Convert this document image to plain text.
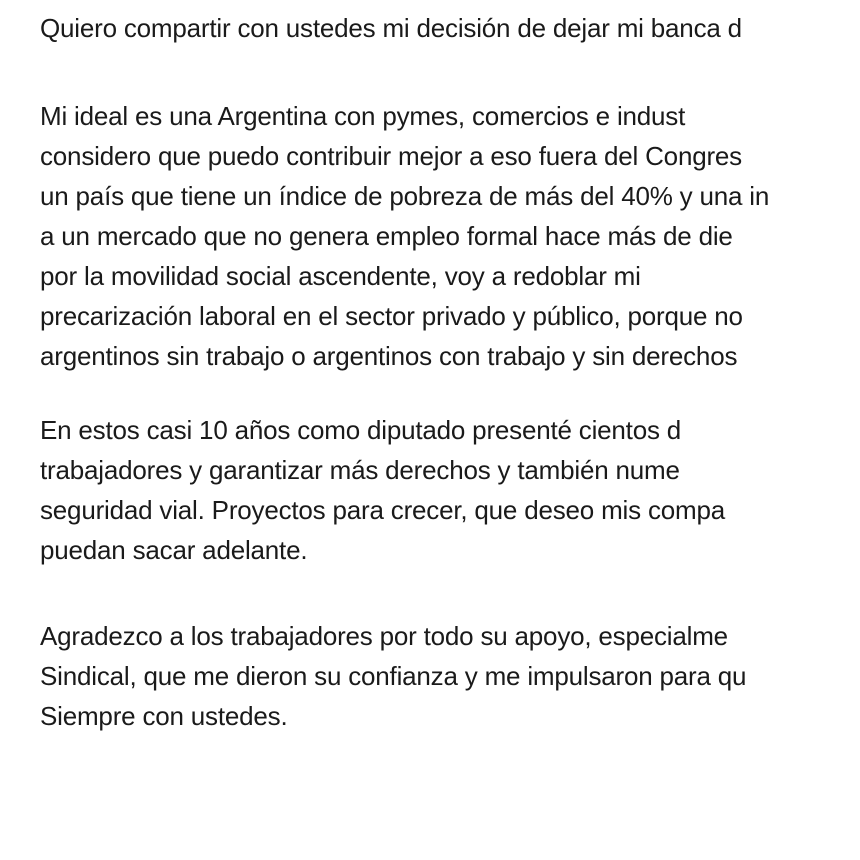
Quiero compartir con ustedes mi decisión de dejar mi banca d

Mi ideal es una Argentina con pymes, comercios e indust
considero que puedo contribuir mejor a eso fuera del Congres
un país que tiene un índice de pobreza de más del 40% y una in
a un mercado que no genera empleo formal hace más de die
por la movilidad social ascendente, voy a redoblar mi
precarización laboral en el sector privado y público, porque no
argentinos sin trabajo o argentinos con trabajo y sin derechos

En estos casi 10 años como diputado presenté cientos d
trabajadores y garantizar más derechos y también nume
seguridad vial. Proyectos para crecer, que deseo mis compa
puedan sacar adelante.

Agradezco a los trabajadores por todo su apoyo, especialme
Sindical, que me dieron su confianza y me impulsaron para qu
Siempre con ustedes.
